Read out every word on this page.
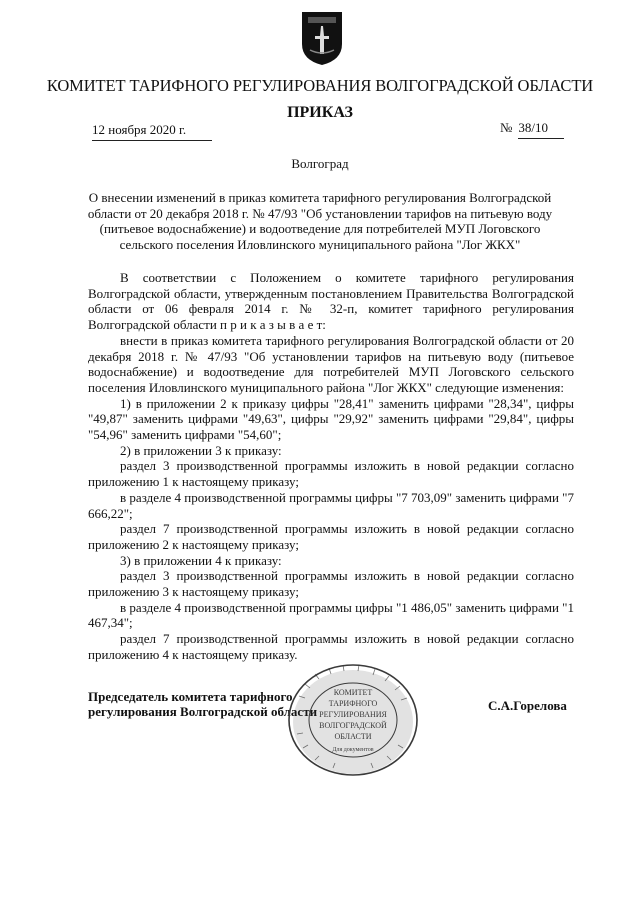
КОМИТЕТ ТАРИФНОГО РЕГУЛИРОВАНИЯ ВОЛГОГРАДСКОЙ ОБЛАСТИ
ПРИКАЗ
12 ноября 2020 г.	№ 38/10
Волгоград
О внесении изменений в приказ комитета тарифного регулирования Волгоградской
области от 20 декабря 2018 г. № 47/93 "Об установлении тарифов на питьевую воду
(питьевое водоснабжение) и водоотведение для потребителей МУП Логовского
сельского поселения Иловлинского муниципального района "Лог ЖКХ"

В соответствии с Положением о комитете тарифного регулирования Волгоградской области, утвержденным постановлением Правительства Волгоградской области от 06 февраля 2014 г. № 32-п, комитет тарифного регулирования Волгоградской области п р и к а з ы в а е т:

внести в приказ комитета тарифного регулирования Волгоградской области от 20 декабря 2018 г. № 47/93 "Об установлении тарифов на питьевую воду (питьевое водоснабжение) и водоотведение для потребителей МУП Логовского сельского поселения Иловлинского муниципального района "Лог ЖКХ" следующие изменения:

1) в приложении 2 к приказу цифры "28,41" заменить цифрами "28,34", цифры "49,87" заменить цифрами "49,63", цифры "29,92" заменить цифрами "29,84", цифры "54,96" заменить цифрами "54,60";

2) в приложении 3 к приказу:

раздел 3 производственной программы изложить в новой редакции согласно приложению 1 к настоящему приказу;

в разделе 4 производственной программы цифры "7 703,09" заменить цифрами "7 666,22";

раздел 7 производственной программы изложить в новой редакции согласно приложению 2 к настоящему приказу;

3) в приложении 4 к приказу:

раздел 3 производственной программы изложить в новой редакции согласно приложению 3 к настоящему приказу;

в разделе 4 производственной программы цифры "1 486,05" заменить цифрами "1 467,34";

раздел 7 производственной программы изложить в новой редакции согласно приложению 4 к настоящему приказу.

Председатель комитета тарифного
регулирования Волгоградской области	С.А.Горелова
КОМИТЕТ
ТАРИФНОГО
РЕГУЛИРОВАНИЯ
ВОЛГОГРАДСКОЙ
ОБЛАСТИ
Для документов
